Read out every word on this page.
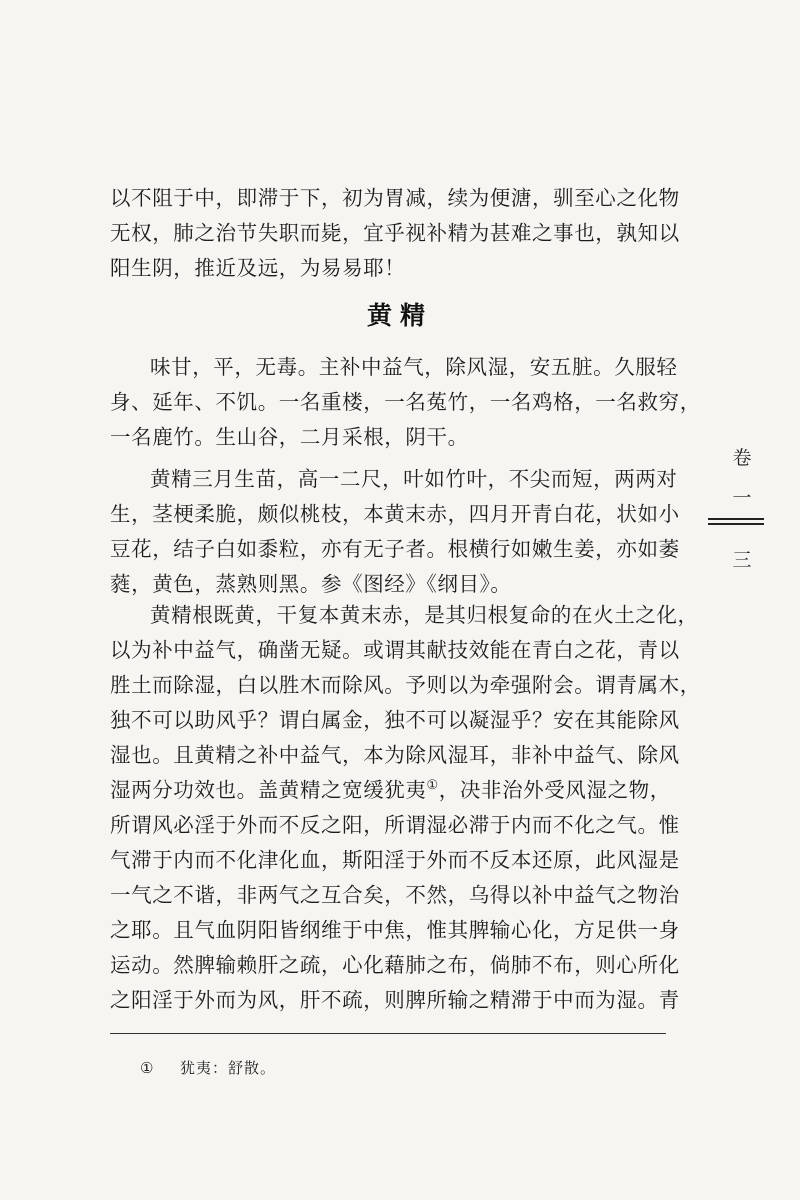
以不阻于中，即滞于下，初为胃减，续为便溏，驯至心之化物
无权，肺之治节失职而毙，宜乎视补精为甚难之事也，孰知以
阳生阴，推近及远，为易易耶！
黄精
味甘，平，无毒。主补中益气，除风湿，安五脏。久服轻
身、延年、不饥。一名重楼，一名菟竹，一名鸡格，一名救穷，
一名鹿竹。生山谷，二月采根，阴干。
黄精三月生苗，高一二尺，叶如竹叶，不尖而短，两两对
生，茎梗柔脆，颇似桃枝，本黄末赤，四月开青白花，状如小
豆花，结子白如黍粒，亦有无子者。根横行如嫩生姜，亦如萎
蕤，黄色，蒸熟则黑。参《图经》《纲目》。
黄精根既黄，干复本黄末赤，是其归根复命的在火土之化，
以为补中益气，确凿无疑。或谓其献技效能在青白之花，青以
胜土而除湿，白以胜木而除风。予则以为牵强附会。谓青属木，
独不可以助风乎？谓白属金，独不可以凝湿乎？安在其能除风
湿也。且黄精之补中益气，本为除风湿耳，非补中益气、除风
湿两分功效也。盖黄精之宽缓犹夷①，决非治外受风湿之物，
所谓风必淫于外而不反之阳，所谓湿必滞于内而不化之气。惟
气滞于内而不化津化血，斯阳淫于外而不反本还原，此风湿是
一气之不谐，非两气之互合矣，不然，乌得以补中益气之物治
之耶。且气血阴阳皆纲维于中焦，惟其脾输心化，方足供一身
运动。然脾输赖肝之疏，心化藉肺之布，倘肺不布，则心所化
之阳淫于外而为风，肝不疏，则脾所输之精滞于中而为湿。青
卷
一
三
① 犹夷：舒散。
